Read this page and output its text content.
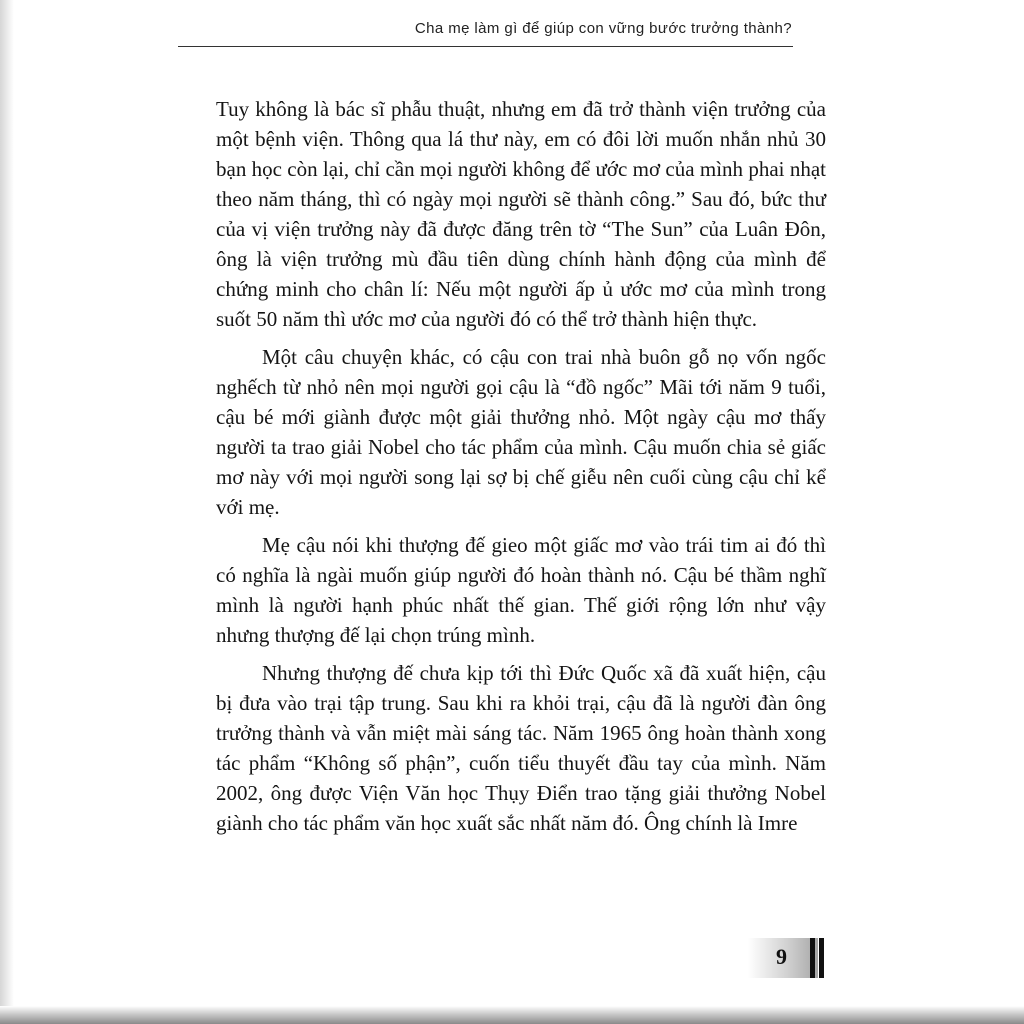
Cha mẹ làm gì để giúp con vững bước trưởng thành?

Tuy không là bác sĩ phẫu thuật, nhưng em đã trở thành viện trưởng của một bệnh viện. Thông qua lá thư này, em có đôi lời muốn nhắn nhủ 30 bạn học còn lại, chỉ cần mọi người không để ước mơ của mình phai nhạt theo năm tháng, thì có ngày mọi người sẽ thành công.” Sau đó, bức thư của vị viện trưởng này đã được đăng trên tờ “The Sun” của Luân Đôn, ông là viện trưởng mù đầu tiên dùng chính hành động của mình để chứng minh cho chân lí: Nếu một người ấp ủ ước mơ của mình trong suốt 50 năm thì ước mơ của người đó có thể trở thành hiện thực.

Một câu chuyện khác, có cậu con trai nhà buôn gỗ nọ vốn ngốc nghếch từ nhỏ nên mọi người gọi cậu là “đồ ngốc” Mãi tới năm 9 tuổi, cậu bé mới giành được một giải thưởng nhỏ. Một ngày cậu mơ thấy người ta trao giải Nobel cho tác phẩm của mình. Cậu muốn chia sẻ giấc mơ này với mọi người song lại sợ bị chế giễu nên cuối cùng cậu chỉ kể với mẹ.

Mẹ cậu nói khi thượng đế gieo một giấc mơ vào trái tim ai đó thì có nghĩa là ngài muốn giúp người đó hoàn thành nó. Cậu bé thầm nghĩ mình là người hạnh phúc nhất thế gian. Thế giới rộng lớn như vậy nhưng thượng đế lại chọn trúng mình.

Nhưng thượng đế chưa kịp tới thì Đức Quốc xã đã xuất hiện, cậu bị đưa vào trại tập trung. Sau khi ra khỏi trại, cậu đã là người đàn ông trưởng thành và vẫn miệt mài sáng tác. Năm 1965 ông hoàn thành xong tác phẩm “Không số phận”, cuốn tiểu thuyết đầu tay của mình. Năm 2002, ông được Viện Văn học Thụy Điển trao tặng giải thưởng Nobel giành cho tác phẩm văn học xuất sắc nhất năm đó. Ông chính là Imre

9
